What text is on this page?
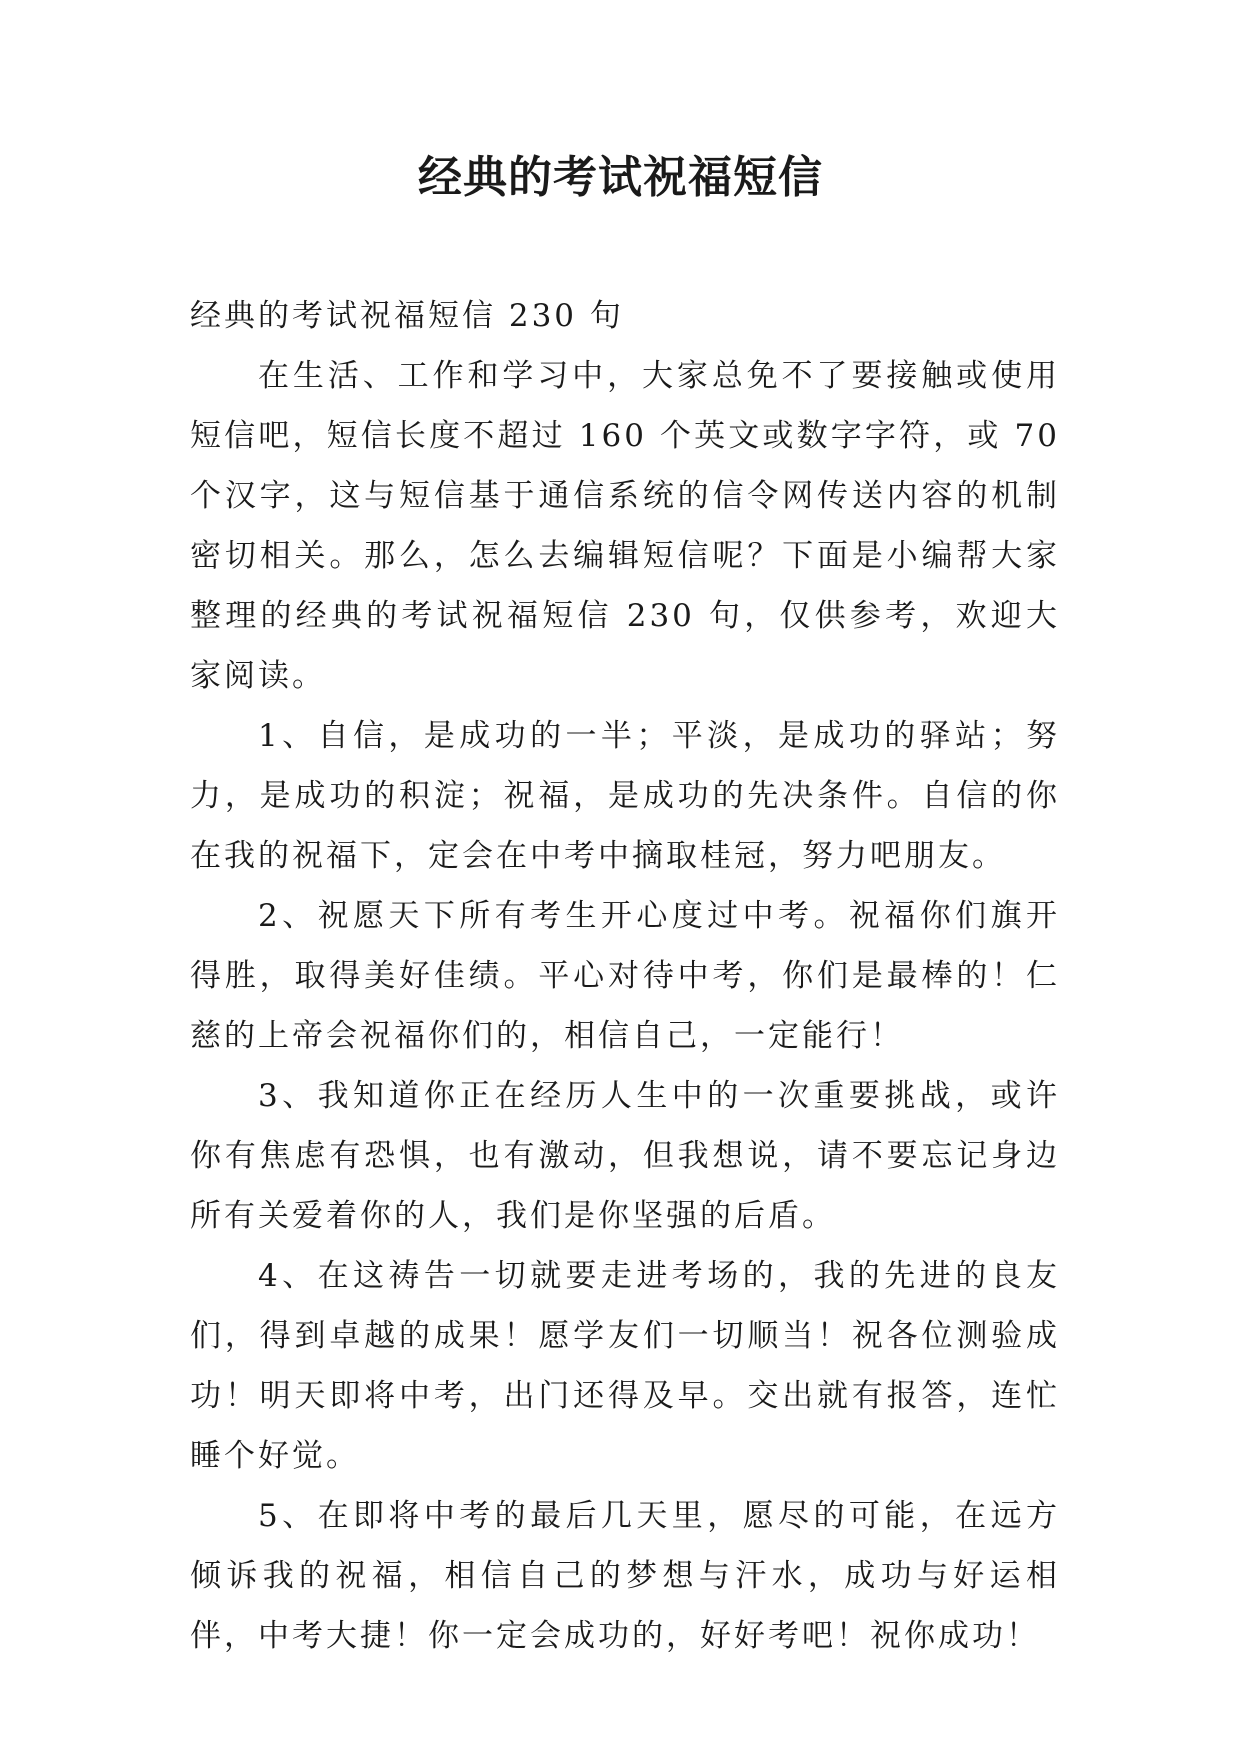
经典的考试祝福短信

经典的考试祝福短信 230 句

在生活、工作和学习中，大家总免不了要接触或使用短信吧，短信长度不超过 160 个英文或数字字符，或 70 个汉字，这与短信基于通信系统的信令网传送内容的机制密切相关。那么，怎么去编辑短信呢？下面是小编帮大家整理的经典的考试祝福短信 230 句，仅供参考，欢迎大家阅读。

1、自信，是成功的一半；平淡，是成功的驿站；努力，是成功的积淀；祝福，是成功的先决条件。自信的你在我的祝福下，定会在中考中摘取桂冠，努力吧朋友。

2、祝愿天下所有考生开心度过中考。祝福你们旗开得胜，取得美好佳绩。平心对待中考，你们是最棒的！仁慈的上帝会祝福你们的，相信自己，一定能行！

3、我知道你正在经历人生中的一次重要挑战，或许你有焦虑有恐惧，也有激动，但我想说，请不要忘记身边所有关爱着你的人，我们是你坚强的后盾。

4、在这祷告一切就要走进考场的，我的先进的良友们，得到卓越的成果！愿学友们一切顺当！祝各位测验成功！明天即将中考，出门还得及早。交出就有报答，连忙睡个好觉。

5、在即将中考的最后几天里，愿尽的可能，在远方倾诉我的祝福，相信自己的梦想与汗水，成功与好运相伴，中考大捷！你一定会成功的，好好考吧！祝你成功！
